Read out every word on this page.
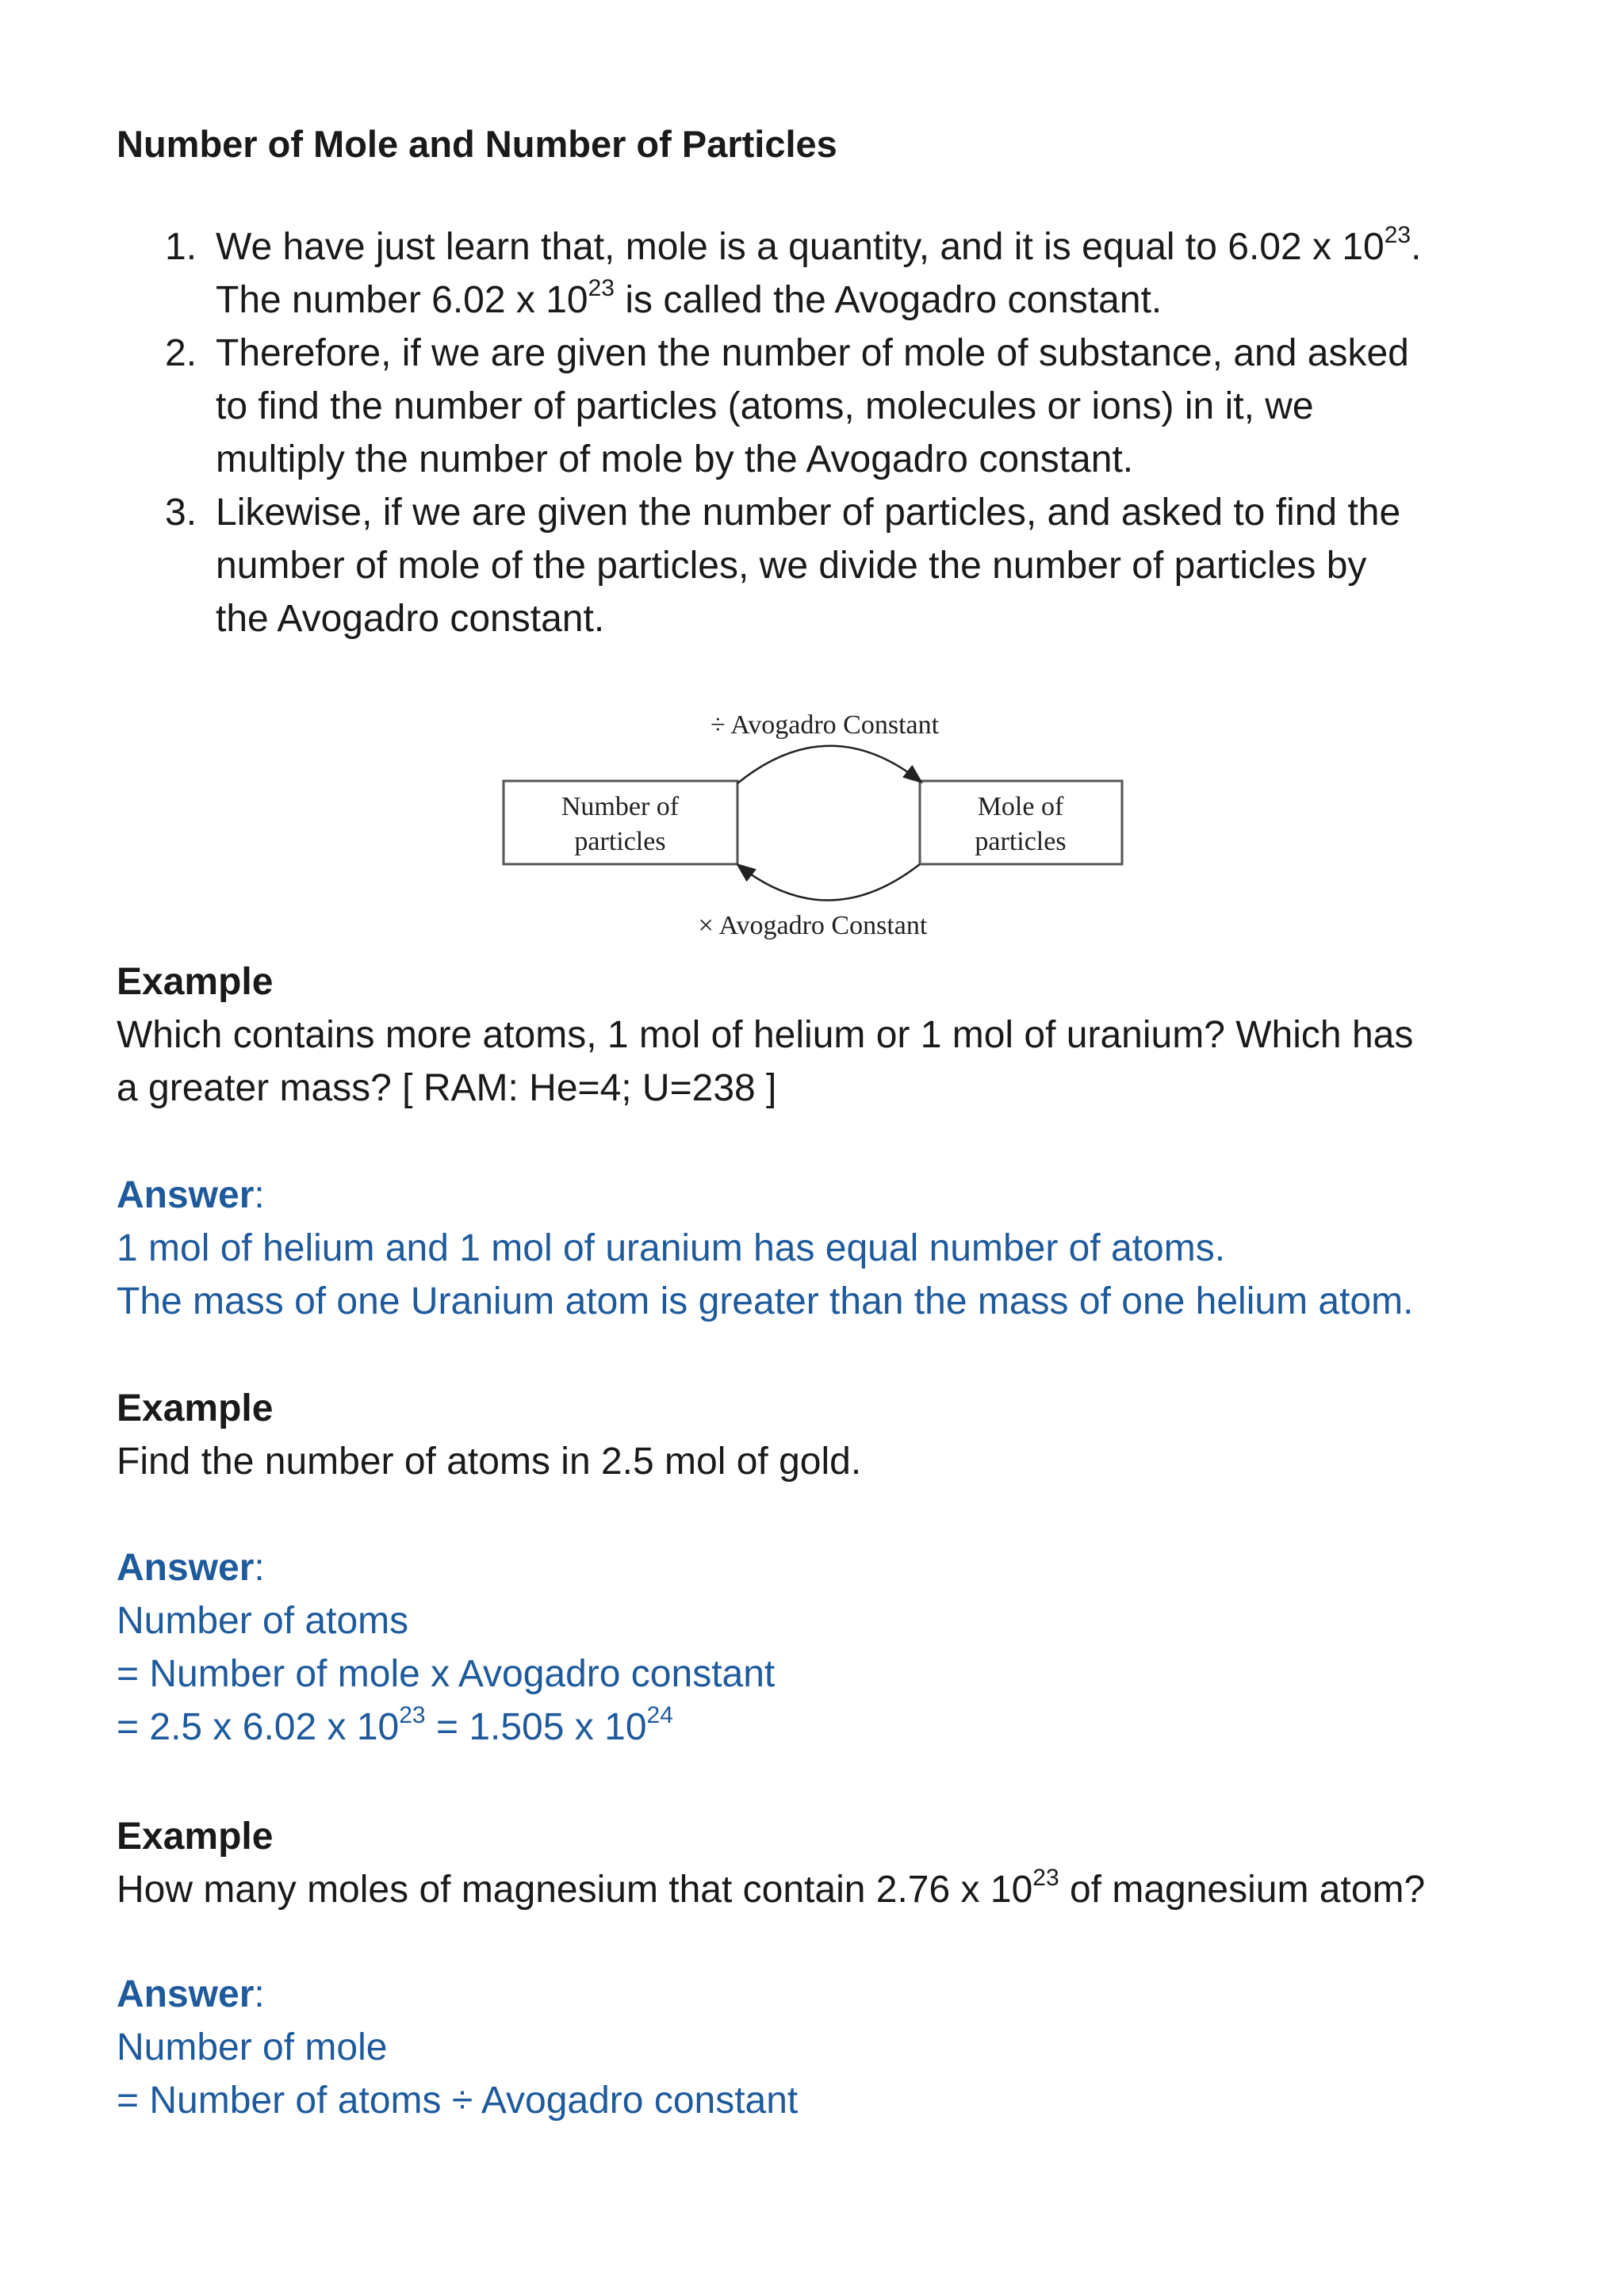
Number of Mole and Number of Particles
1. We have just learn that, mole is a quantity, and it is equal to 6.02 x $10^{23}$.
The number 6.02 x $10^{23}$ is called the Avogadro constant.
2. Therefore, if we are given the number of mole of substance, and asked
to find the number of particles (atoms, molecules or ions) in it, we
multiply the number of mole by the Avogadro constant.
3. Likewise, if we are given the number of particles, and asked to find the
number of mole of the particles, we divide the number of particles by
the Avogadro constant.
÷ Avogadro Constant
Number of
particles
Mole of
particles
× Avogadro Constant
Example
Which contains more atoms, 1 mol of helium or 1 mol of uranium? Which has
a greater mass? [ RAM: He=4; U=238 ]
Answer:
1 mol of helium and 1 mol of uranium has equal number of atoms.
The mass of one Uranium atom is greater than the mass of one helium atom.
Example
Find the number of atoms in 2.5 mol of gold.
Answer:
Number of atoms
= Number of mole x Avogadro constant
= 2.5 x 6.02 x $10^{23} = 1.505$ x $10^{24}$
Example
How many moles of magnesium that contain 2.76 x $10^{23}$ of magnesium atom?
Answer:
Number of mole
= Number of atoms ÷ Avogadro constant
